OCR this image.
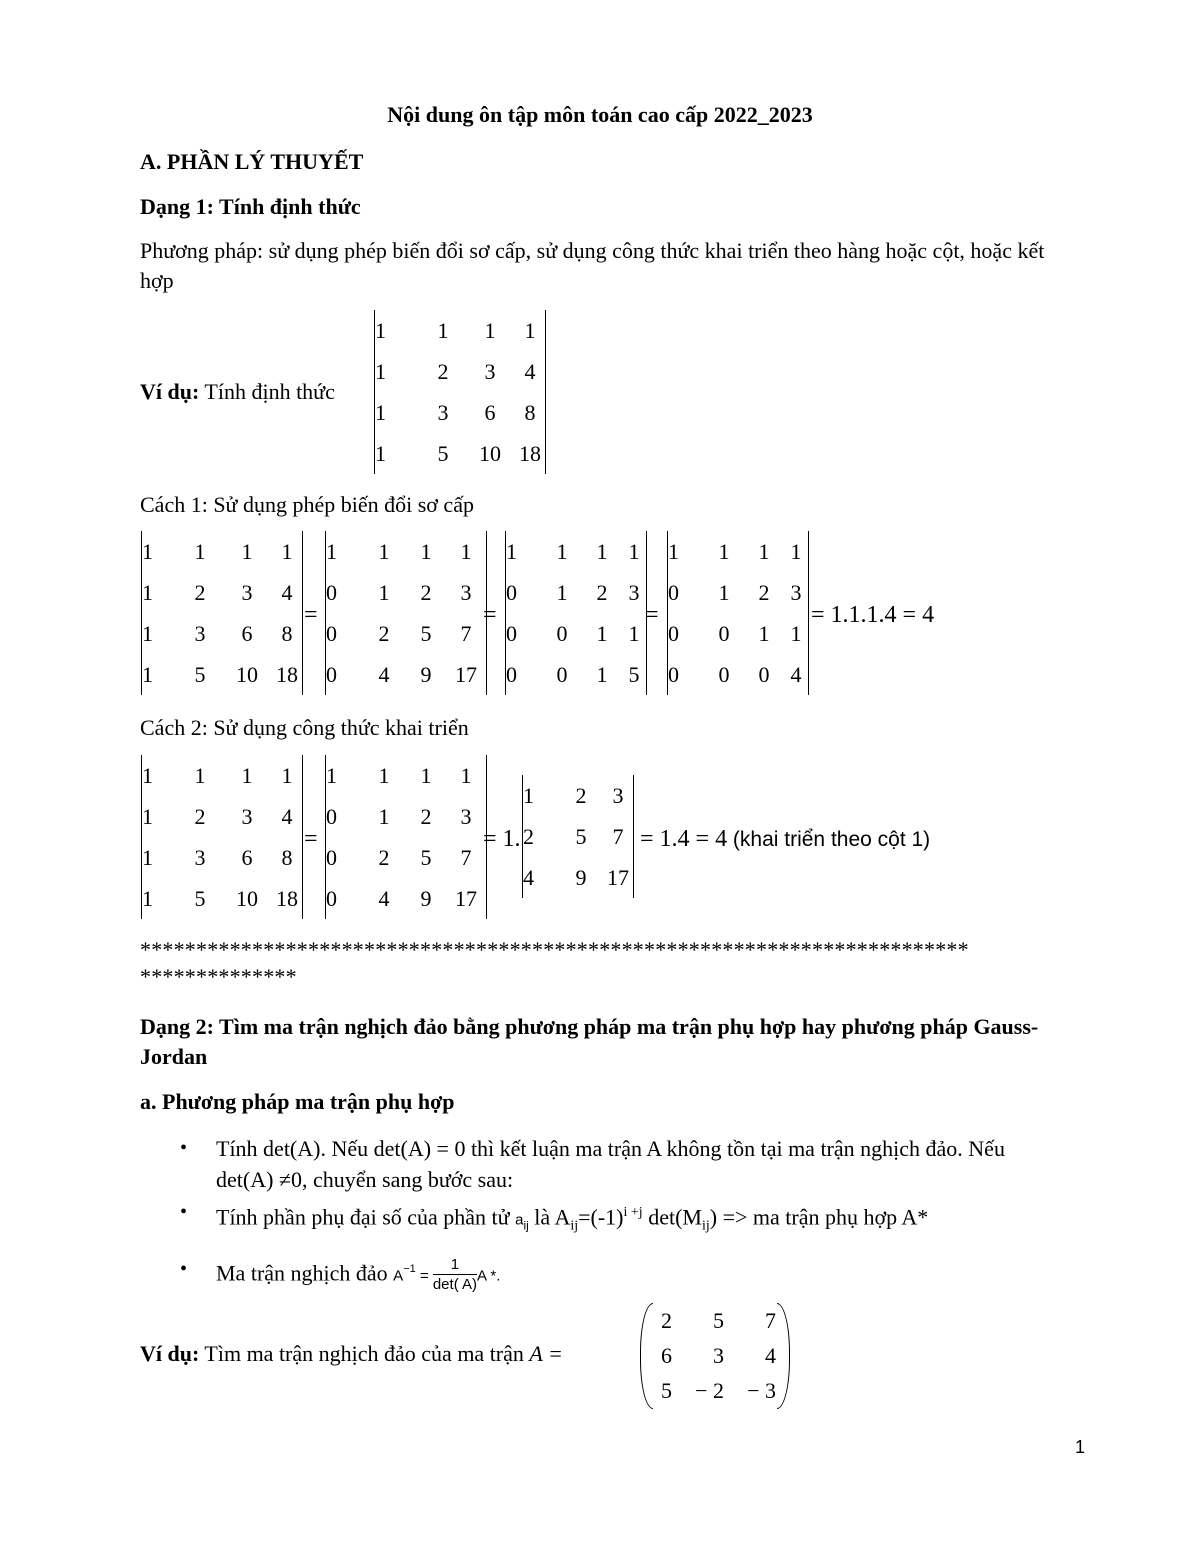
Nội dung ôn tập môn toán cao cấp 2022_2023
A. PHẦN LÝ THUYẾT
Dạng 1: Tính định thức
Phương pháp: sử dụng phép biến đổi sơ cấp, sử dụng công thức khai triển theo hàng hoặc cột, hoặc kết hợp
Ví dụ: Tính định thức
1	1	1	1
1	2	3	4
1	3	6	8
1	5	10	18
Cách 1: Sử dụng phép biến đổi sơ cấp
1	1	1	1
1	2	3	4
1	3	6	8
1	5	10	18
=
1	1	1	1
0	1	2	3
0	2	5	7
0	4	9	17
=
1	1	1	1
0	1	2	3
0	0	1	1
0	0	1	5
=
1	1	1	1
0	1	2	3
0	0	1	1
0	0	0	4
= 1.1.1.4 = 4
Cách 2: Sử dụng công thức khai triển
1	1	1	1
1	2	3	4
1	3	6	8
1	5	10	18
=
1	1	1	1
0	1	2	3
0	2	5	7
0	4	9	17
= 1.
1	2	3
2	5	7
4	9	17
= 1.4 = 4 (khai triển theo cột 1)
**************************************************************************
**************
Dạng 2: Tìm ma trận nghịch đảo bằng phương pháp ma trận phụ hợp hay phương pháp Gauss-Jordan
a. Phương pháp ma trận phụ hợp
• Tính det(A). Nếu det(A) = 0 thì kết luận ma trận A không tồn tại ma trận nghịch đảo. Nếu det(A) ≠0, chuyển sang bước sau:
• Tính phần phụ đại số của phần tử $a_{ij}$ là $A_{ij}=(-1)^{i +j}$ $\det(M_{ij})$ => ma trận phụ hợp A*
• Ma trận nghịch đảo $A^{-1} = \frac{1}{\det( A)}$ A *.
Ví dụ: Tìm ma trận nghịch đảo của ma trận A =
2	5	7
6	3	4
5	− 2	− 3
1
